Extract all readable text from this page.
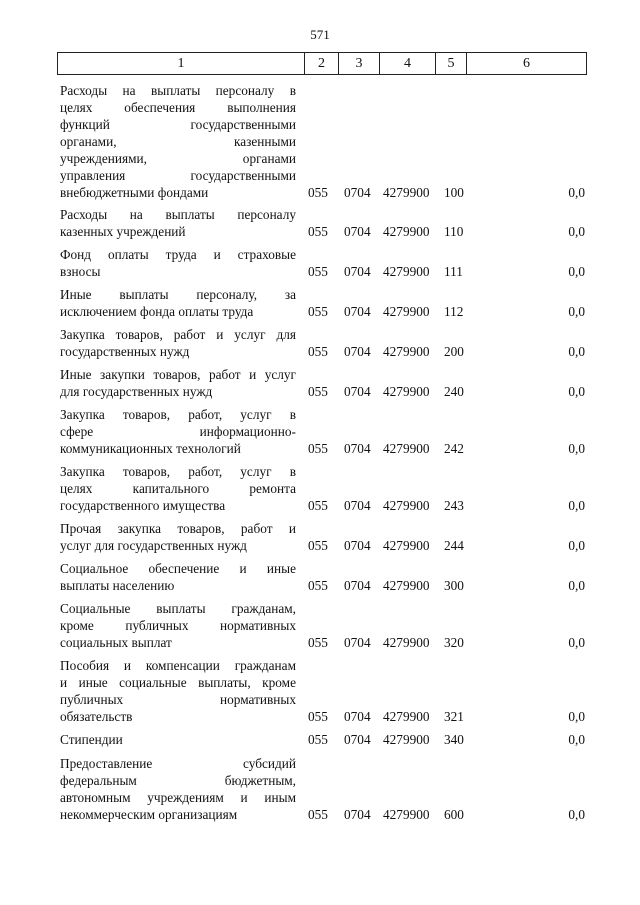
571
1	2	3	4	5	6
Расходы на выплаты персоналу в
целях обеспечения выполнения
функций государственными
органами, казенными
учреждениями, органами
управления государственными
внебюджетными фондами	055 0704 4279900 100	0,0
Расходы на выплаты персоналу
казенных учреждений	055 0704 4279900 110	0,0
Фонд оплаты труда и страховые
взносы	055 0704 4279900 111	0,0
Иные выплаты персоналу, за
исключением фонда оплаты труда	055 0704 4279900 112	0,0
Закупка товаров, работ и услуг для
государственных нужд	055 0704 4279900 200	0,0
Иные закупки товаров, работ и услуг
для государственных нужд	055 0704 4279900 240	0,0
Закупка товаров, работ, услуг в
сфере информационно-
коммуникационных технологий	055 0704 4279900 242	0,0
Закупка товаров, работ, услуг в
целях капитального ремонта
государственного имущества	055 0704 4279900 243	0,0
Прочая закупка товаров, работ и
услуг для государственных нужд	055 0704 4279900 244	0,0
Социальное обеспечение и иные
выплаты населению	055 0704 4279900 300	0,0
Социальные выплаты гражданам,
кроме публичных нормативных
социальных выплат	055 0704 4279900 320	0,0
Пособия и компенсации гражданам
и иные социальные выплаты, кроме
публичных нормативных
обязательств	055 0704 4279900 321	0,0
Стипендии	055 0704 4279900 340	0,0
Предоставление субсидий
федеральным бюджетным,
автономным учреждениям и иным
некоммерческим организациям	055 0704 4279900 600	0,0
